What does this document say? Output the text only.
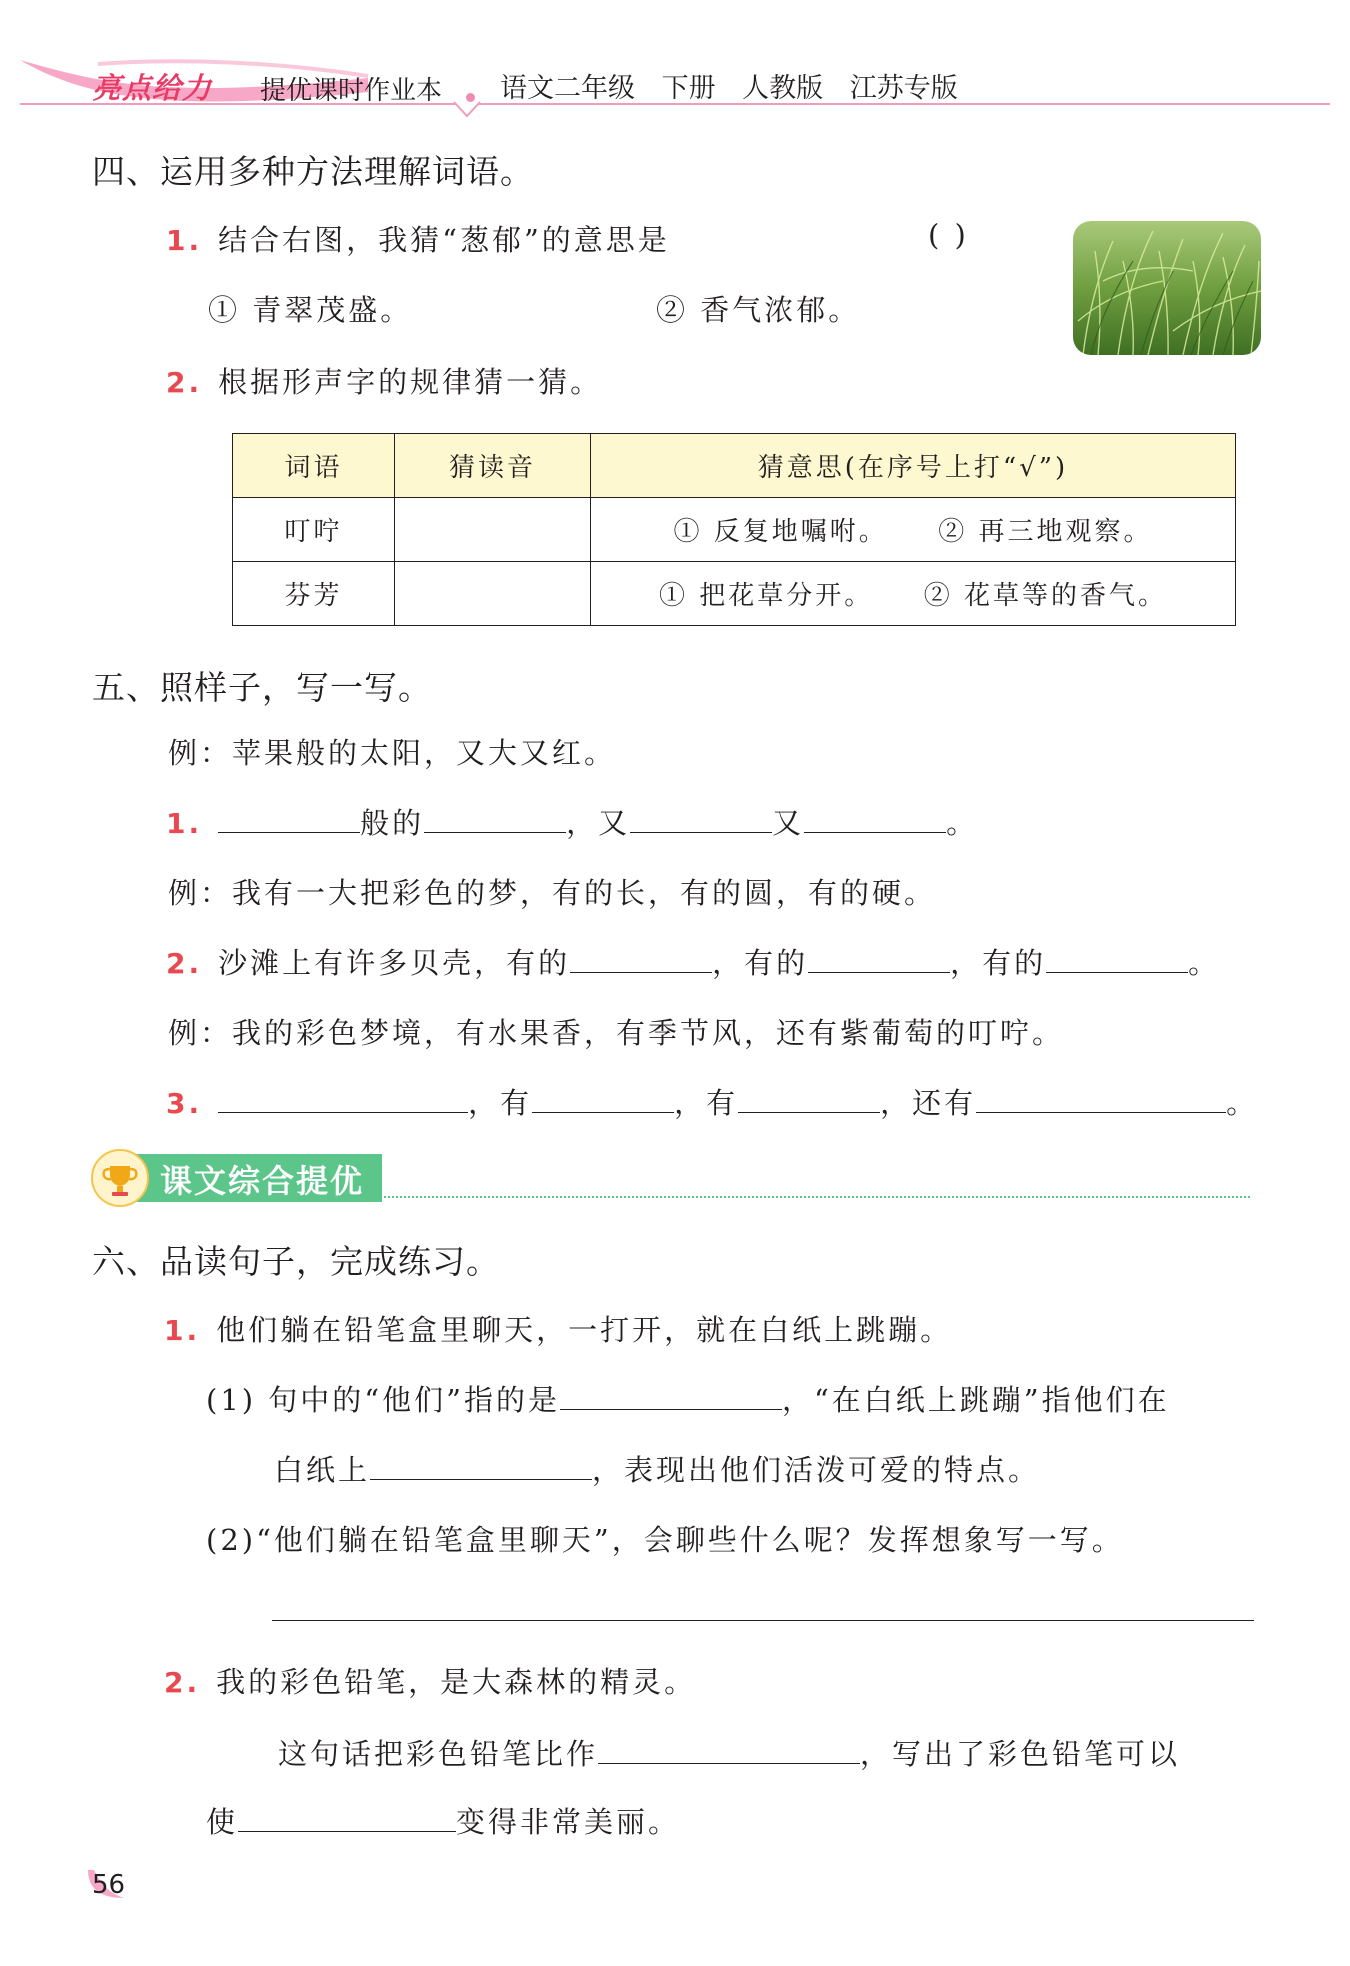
亮点给力 提优课时作业本 语文二年级 下册 人教版 江苏专版
四、运用多种方法理解词语。
1. 结合右图，我猜“葱郁”的意思是	( )
① 青翠茂盛。	② 香气浓郁。
2. 根据形声字的规律猜一猜。
词语	猜读音	猜意思(在序号上打“√”)
叮咛		① 反复地嘱咐。 ② 再三地观察。
芬芳		① 把花草分开。 ② 花草等的香气。
五、照样子，写一写。
例：苹果般的太阳，又大又红。
1.	般的	，又	又	。
例：我有一大把彩色的梦，有的长，有的圆，有的硬。
2. 沙滩上有许多贝壳，有的	，有的	，有的	。
例：我的彩色梦境，有水果香，有季节风，还有紫葡萄的叮咛。
3.	，有	，有	，还有	。
课文综合提优
六、品读句子，完成练习。
1. 他们躺在铅笔盒里聊天，一打开，就在白纸上跳蹦。
(1) 句中的“他们”指的是	，“在白纸上跳蹦”指他们在
白纸上	，表现出他们活泼可爱的特点。
(2)“他们躺在铅笔盒里聊天”，会聊些什么呢？发挥想象写一写。
2. 我的彩色铅笔，是大森林的精灵。
这句话把彩色铅笔比作	，写出了彩色铅笔可以
使	变得非常美丽。
56
